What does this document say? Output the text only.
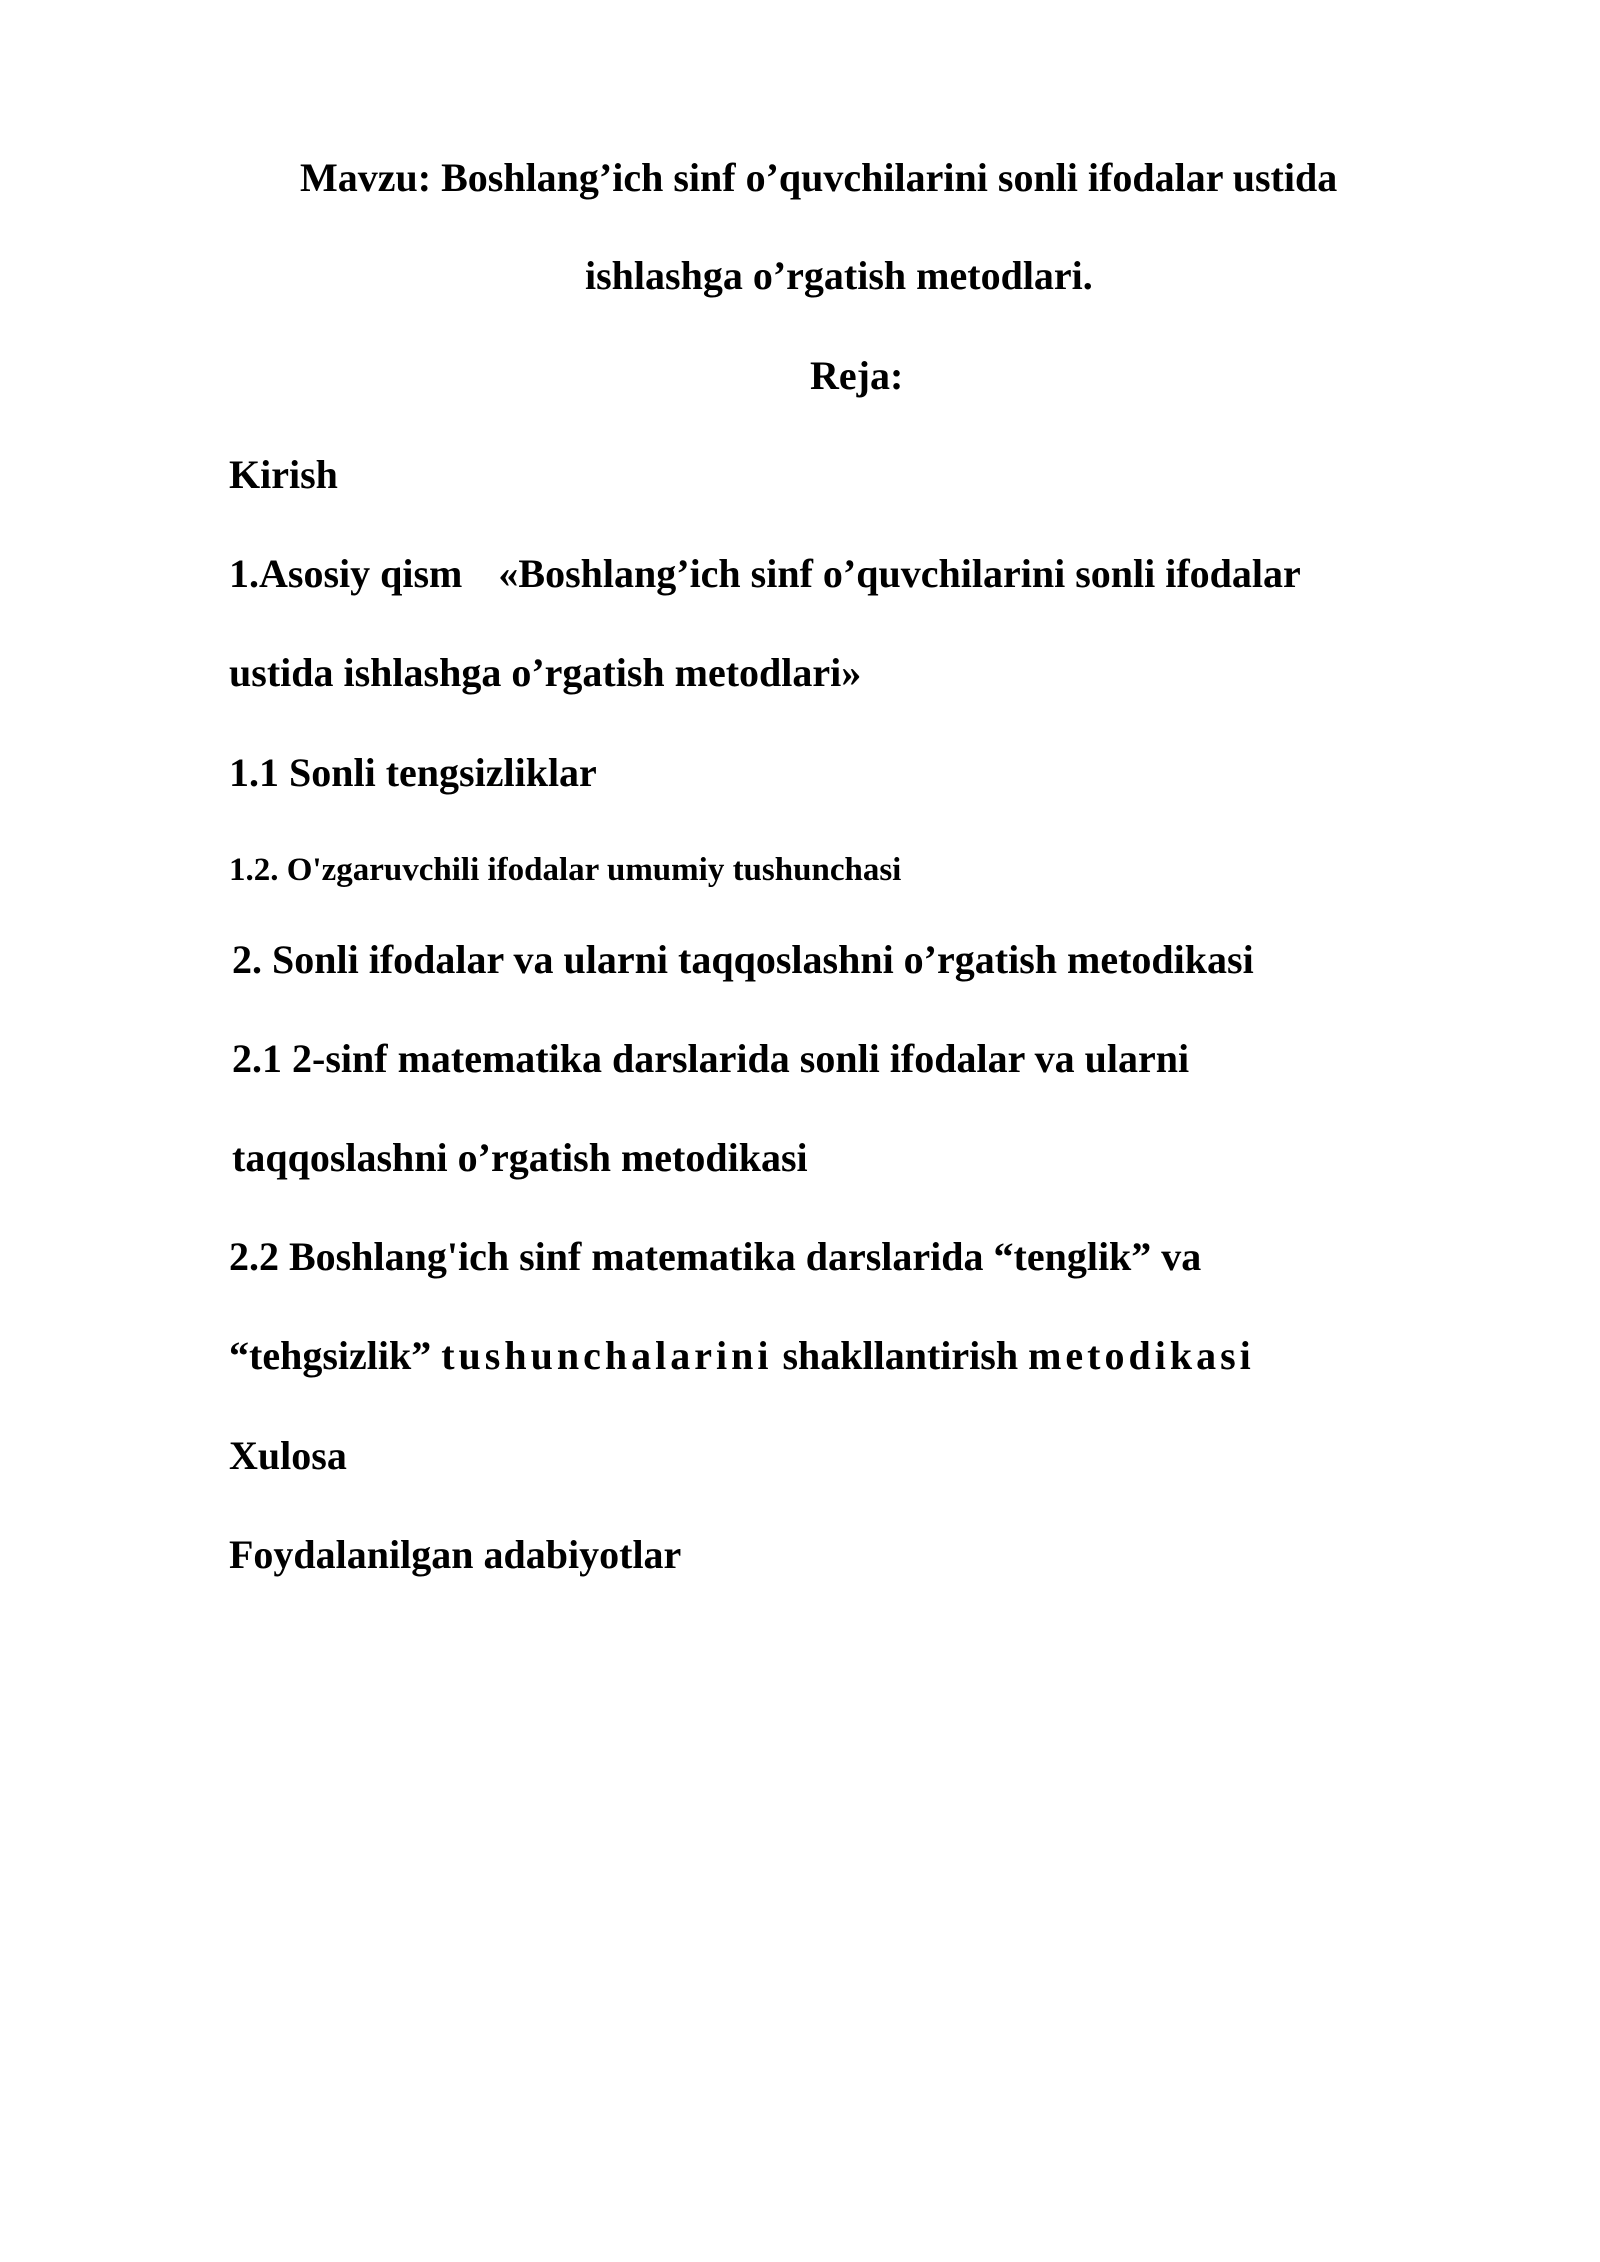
Mavzu: Boshlang’ich sinf o’quvchilarini sonli ifodalar ustida
ishlashga o’rgatish metodlari.
Reja:
Kirish
1.Asosiy qism «Boshlang’ich sinf o’quvchilarini sonli ifodalar
ustida ishlashga o’rgatish metodlari»
1.1 Sonli tengsizliklar
1.2. O'zgaruvchili ifodalar umumiy tushunchasi
2. Sonli ifodalar va ularni taqqoslashni o’rgatish metodikasi
2.1 2-sinf matematika darslarida sonli ifodalar va ularni
taqqoslashni o’rgatish metodikasi
2.2 Boshlang'ich sinf matematika darslarida “tenglik” va
“tehgsizlik” tushunchalarini shakllantirish metodikasi
Xulosa
Foydalanilgan adabiyotlar
